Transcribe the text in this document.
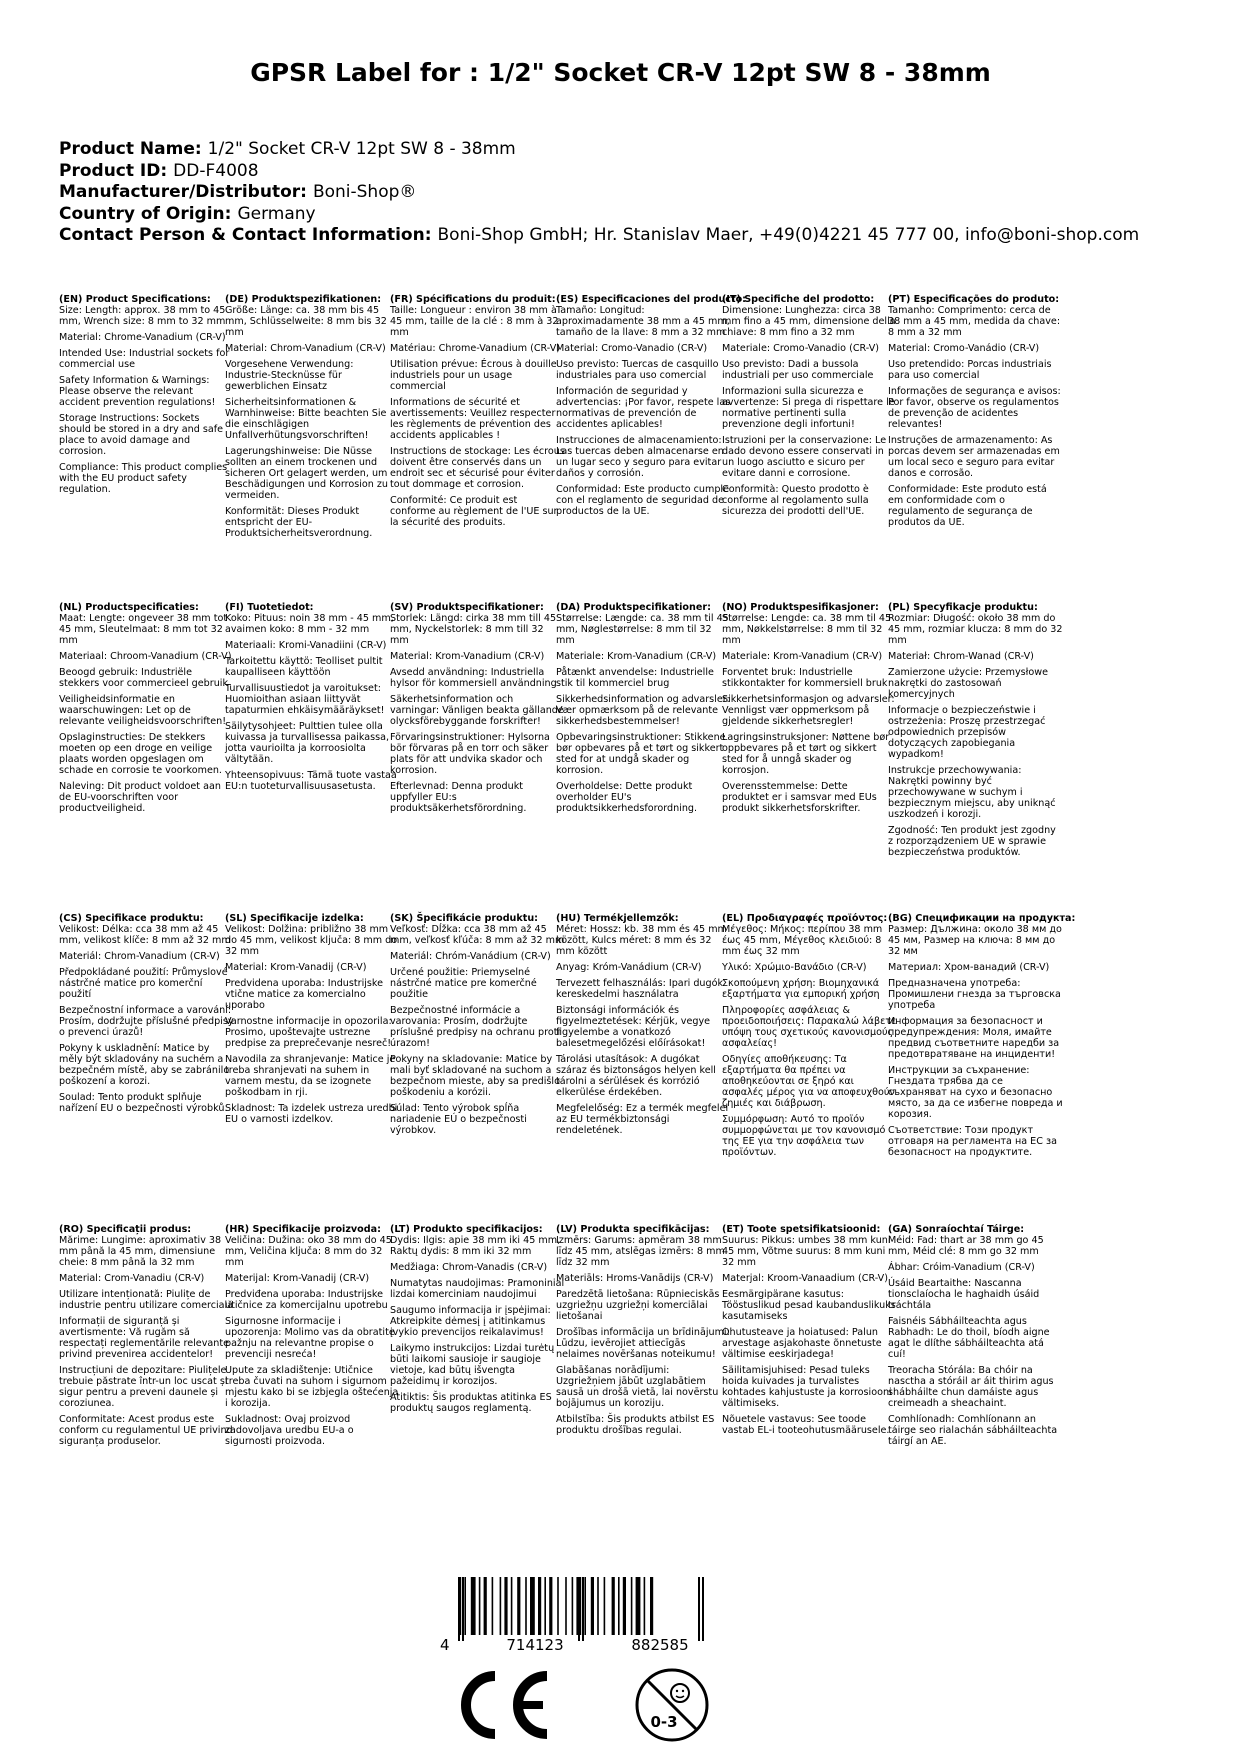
GPSR Label for : 1/2" Socket CR-V 12pt SW 8 - 38mm
Product Name: 1/2" Socket CR-V 12pt SW 8 - 38mm
Product ID: DD-F4008
Manufacturer/Distributor: Boni-Shop®
Country of Origin: Germany
Contact Person & Contact Information: Boni-Shop GmbH; Hr. Stanislav Maer, +49(0)4221 45 777 00, info@boni-shop.com
(EN) Product Specifications:

Size: Length: approx. 38 mm to 45 mm, Wrench size: 8 mm to 32 mm

Material: Chrome-Vanadium (CR-V)

Intended Use: Industrial sockets for commercial use

Safety Information & Warnings: Please observe the relevant accident prevention regulations!

Storage Instructions: Sockets should be stored in a dry and safe place to avoid damage and corrosion.

Compliance: This product complies with the EU product safety regulation.

(DE) Produktspezifikationen:

Größe: Länge: ca. 38 mm bis 45 mm, Schlüsselweite: 8 mm bis 32 mm

Material: Chrom-Vanadium (CR-V)

Vorgesehene Verwendung: Industrie-Stecknüsse für gewerblichen Einsatz

Sicherheitsinformationen & Warnhinweise: Bitte beachten Sie die einschlägigen Unfallverhütungsvorschriften!

Lagerungshinweise: Die Nüsse sollten an einem trockenen und sicheren Ort gelagert werden, um Beschädigungen und Korrosion zu vermeiden.

Konformität: Dieses Produkt entspricht der EU-Produktsicherheitsverordnung.

(FR) Spécifications du produit:

Taille: Longueur : environ 38 mm à 45 mm, taille de la clé : 8 mm à 32 mm

Matériau: Chrome-Vanadium (CR-V)

Utilisation prévue: Écrous à douille industriels pour un usage commercial

Informations de sécurité et avertissements: Veuillez respecter les règlements de prévention des accidents applicables !

Instructions de stockage: Les écrous doivent être conservés dans un endroit sec et sécurisé pour éviter tout dommage et corrosion.

Conformité: Ce produit est conforme au règlement de l'UE sur la sécurité des produits.

(ES) Especificaciones del producto:

Tamaño: Longitud: aproximadamente 38 mm a 45 mm, tamaño de la llave: 8 mm a 32 mm

Material: Cromo-Vanadio (CR-V)

Uso previsto: Tuercas de casquillo industriales para uso comercial

Información de seguridad y advertencias: ¡Por favor, respete las normativas de prevención de accidentes aplicables!

Instrucciones de almacenamiento: Las tuercas deben almacenarse en un lugar seco y seguro para evitar daños y corrosión.

Conformidad: Este producto cumple con el reglamento de seguridad de productos de la UE.

(IT) Specifiche del prodotto:

Dimensione: Lunghezza: circa 38 mm fino a 45 mm, dimensione della chiave: 8 mm fino a 32 mm

Materiale: Cromo-Vanadio (CR-V)

Uso previsto: Dadi a bussola industriali per uso commerciale

Informazioni sulla sicurezza e avvertenze: Si prega di rispettare le normative pertinenti sulla prevenzione degli infortuni!

Istruzioni per la conservazione: Le dado devono essere conservati in un luogo asciutto e sicuro per evitare danni e corrosione.

Conformità: Questo prodotto è conforme al regolamento sulla sicurezza dei prodotti dell'UE.

(PT) Especificações do produto:

Tamanho: Comprimento: cerca de 38 mm a 45 mm, medida da chave: 8 mm a 32 mm

Material: Cromo-Vanádio (CR-V)

Uso pretendido: Porcas industriais para uso comercial

Informações de segurança e avisos: Por favor, observe os regulamentos de prevenção de acidentes relevantes!

Instruções de armazenamento: As porcas devem ser armazenadas em um local seco e seguro para evitar danos e corrosão.

Conformidade: Este produto está em conformidade com o regulamento de segurança de produtos da UE.

(NL) Productspecificaties:

Maat: Lengte: ongeveer 38 mm tot 45 mm, Sleutelmaat: 8 mm tot 32 mm

Materiaal: Chroom-Vanadium (CR-V)

Beoogd gebruik: Industriële stekkers voor commercieel gebruik

Veiligheidsinformatie en waarschuwingen: Let op de relevante veiligheidsvoorschriften!

Opslaginstructies: De stekkers moeten op een droge en veilige plaats worden opgeslagen om schade en corrosie te voorkomen.

Naleving: Dit product voldoet aan de EU-voorschriften voor productveiligheid.

(FI) Tuotetiedot:

Koko: Pituus: noin 38 mm - 45 mm, avaimen koko: 8 mm - 32 mm

Materiaali: Kromi-Vanadiini (CR-V)

Tarkoitettu käyttö: Teolliset pultit kaupalliseen käyttöön

Turvallisuustiedot ja varoitukset: Huomioithan asiaan liittyvät tapaturmien ehkäisymääräykset!

Säilytysohjeet: Pulttien tulee olla kuivassa ja turvallisessa paikassa, jotta vaurioilta ja korroosiolta vältytään.

Yhteensopivuus: Tämä tuote vastaa EU:n tuoteturvallisuusasetusta.

(SV) Produktspecifikationer:

Storlek: Längd: cirka 38 mm till 45 mm, Nyckelstorlek: 8 mm till 32 mm

Material: Krom-Vanadium (CR-V)

Avsedd användning: Industriella hylsor för kommersiell användning

Säkerhetsinformation och varningar: Vänligen beakta gällande olycksförebyggande forskrifter!

Förvaringsinstruktioner: Hylsorna bör förvaras på en torr och säker plats för att undvika skador och korrosion.

Efterlevnad: Denna produkt uppfyller EU:s produktsäkerhetsförordning.

(DA) Produktspecifikationer:

Størrelse: Længde: ca. 38 mm til 45 mm, Nøglestørrelse: 8 mm til 32 mm

Materiale: Krom-Vanadium (CR-V)

Påtænkt anvendelse: Industrielle stik til kommerciel brug

Sikkerhedsinformation og advarsler: Vær opmærksom på de relevante sikkerhedsbestemmelser!

Opbevaringsinstruktioner: Stikkene bør opbevares på et tørt og sikkert sted for at undgå skader og korrosion.

Overholdelse: Dette produkt overholder EU's produktsikkerhedsforordning.

(NO) Produktspesifikasjoner:

Størrelse: Lengde: ca. 38 mm til 45 mm, Nøkkelstørrelse: 8 mm til 32 mm

Materiale: Krom-Vanadium (CR-V)

Forventet bruk: Industrielle stikkontakter for kommersiell bruk

Sikkerhetsinformasjon og advarsler: Vennligst vær oppmerksom på gjeldende sikkerhetsregler!

Lagringsinstruksjoner: Nøttene bør oppbevares på et tørt og sikkert sted for å unngå skader og korrosjon.

Overensstemmelse: Dette produktet er i samsvar med EUs produkt sikkerhetsforskrifter.

(PL) Specyfikacje produktu:

Rozmiar: Długość: około 38 mm do 45 mm, rozmiar klucza: 8 mm do 32 mm

Materiał: Chrom-Wanad (CR-V)

Zamierzone użycie: Przemysłowe nakrętki do zastosowań komercyjnych

Informacje o bezpieczeństwie i ostrzeżenia: Proszę przestrzegać odpowiednich przepisów dotyczących zapobiegania wypadkom!

Instrukcje przechowywania: Nakrętki powinny być przechowywane w suchym i bezpiecznym miejscu, aby uniknąć uszkodzeń i korozji.

Zgodność: Ten produkt jest zgodny z rozporządzeniem UE w sprawie bezpieczeństwa produktów.

(CS) Specifikace produktu:

Velikost: Délka: cca 38 mm až 45 mm, velikost klíče: 8 mm až 32 mm

Materiál: Chrom-Vanadium (CR-V)

Předpokládané použití: Průmyslové nástrčné matice pro komerční použití

Bezpečnostní informace a varování: Prosím, dodržujte příslušné předpisy o prevenci úrazů!

Pokyny k uskladnění: Matice by měly být skladovány na suchém a bezpečném místě, aby se zabránilo poškození a korozi.

Soulad: Tento produkt splňuje nařízení EU o bezpečnosti výrobků.

(SL) Specifikacije izdelka:

Velikost: Dolžina: približno 38 mm do 45 mm, velikost ključa: 8 mm do 32 mm

Material: Krom-Vanadij (CR-V)

Predvidena uporaba: Industrijske vtične matice za komercialno uporabo

Varnostne informacije in opozorila: Prosimo, upoštevajte ustrezne predpise za preprečevanje nesreč!

Navodila za shranjevanje: Matice je treba shranjevati na suhem in varnem mestu, da se izognete poškodbam in rji.

Skladnost: Ta izdelek ustreza uredbi EU o varnosti izdelkov.

(SK) Špecifikácie produktu:

Veľkosť: Dĺžka: cca 38 mm až 45 mm, veľkosť kľúča: 8 mm až 32 mm

Materiál: Chróm-Vanádium (CR-V)

Určené použitie: Priemyselné nástrčné matice pre komerčné použitie

Bezpečnostné informácie a varovania: Prosím, dodržujte príslušné predpisy na ochranu proti úrazom!

Pokyny na skladovanie: Matice by mali byť skladované na suchom a bezpečnom mieste, aby sa predišlo poškodeniu a korózii.

Súlad: Tento výrobok spĺňa nariadenie EÚ o bezpečnosti výrobkov.

(HU) Termékjellemzők:

Méret: Hossz: kb. 38 mm és 45 mm között, Kulcs méret: 8 mm és 32 mm között

Anyag: Króm-Vanádium (CR-V)

Tervezett felhasználás: Ipari dugók kereskedelmi használatra

Biztonsági információk és figyelmeztetések: Kérjük, vegye figyelembe a vonatkozó balesetmegelőzési előírásokat!

Tárolási utasítások: A dugókat száraz és biztonságos helyen kell tárolni a sérülések és korrózió elkerülése érdekében.

Megfelelőség: Ez a termék megfelel az EU termékbiztonsági rendeletének.

(EL) Προδιαγραφές προϊόντος:

Μέγεθος: Μήκος: περίπου 38 mm έως 45 mm, Μέγεθος κλειδιού: 8 mm έως 32 mm

Υλικό: Χρώμιο-Βανάδιο (CR-V)

Σκοπούμενη χρήση: Βιομηχανικά εξαρτήματα για εμπορική χρήση

Πληροφορίες ασφάλειας & προειδοποιήσεις: Παρακαλώ λάβετε υπόψη τους σχετικούς κανονισμούς ασφαλείας!

Οδηγίες αποθήκευσης: Τα εξαρτήματα θα πρέπει να αποθηκεύονται σε ξηρό και ασφαλές μέρος για να αποφευχθούν ζημιές και διάβρωση.

Συμμόρφωση: Αυτό το προϊόν συμμορφώνεται με τον κανονισμό της ΕΕ για την ασφάλεια των προϊόντων.

(BG) Спецификации на продукта:

Размер: Дължина: около 38 мм до 45 мм, Размер на ключа: 8 мм до 32 мм

Материал: Хром-ванадий (CR-V)

Предназначена употреба: Промишлени гнезда за търговска употреба

Информация за безопасност и предупреждения: Моля, имайте предвид съответните наредби за предотвратяване на инциденти!

Инструкции за съхранение: Гнездата трябва да се съхраняват на сухо и безопасно място, за да се избегне повреда и корозия.

Съответствие: Този продукт отговаря на регламента на ЕС за безопасност на продуктите.

(RO) Specificații produs:

Mărime: Lungime: aproximativ 38 mm până la 45 mm, dimensiune cheie: 8 mm până la 32 mm

Material: Crom-Vanadiu (CR-V)

Utilizare intenționată: Piulițe de industrie pentru utilizare comercială

Informații de siguranță și avertismente: Vă rugăm să respectați reglementările relevante privind prevenirea accidentelor!

Instrucțiuni de depozitare: Piulițele trebuie păstrate într-un loc uscat și sigur pentru a preveni daunele și coroziunea.

Conformitate: Acest produs este conform cu regulamentul UE privind siguranța produselor.

(HR) Specifikacije proizvoda:

Veličina: Dužina: oko 38 mm do 45 mm, Veličina ključa: 8 mm do 32 mm

Materijal: Krom-Vanadij (CR-V)

Predviđena uporaba: Industrijske utičnice za komercijalnu upotrebu

Sigurnosne informacije i upozorenja: Molimo vas da obratite pažnju na relevantne propise o prevenciji nesreća!

Upute za skladištenje: Utičnice treba čuvati na suhom i sigurnom mjestu kako bi se izbjegla oštećenja i korozija.

Sukladnost: Ovaj proizvod zadovoljava uredbu EU-a o sigurnosti proizvoda.

(LT) Produkto specifikacijos:

Dydis: Ilgis: apie 38 mm iki 45 mm, Raktų dydis: 8 mm iki 32 mm

Medžiaga: Chrom-Vanadis (CR-V)

Numatytas naudojimas: Pramoniniai lizdai komerciniam naudojimui

Saugumo informacija ir įspėjimai: Atkreipkite dėmesį į atitinkamus įvykio prevencijos reikalavimus!

Laikymo instrukcijos: Lizdai turėtų būti laikomi sausioje ir saugioje vietoje, kad būtų išvengta pažeidimų ir korozijos.

Atitiktis: Šis produktas atitinka ES produktų saugos reglamentą.

(LV) Produkta specifikācijas:

Izmērs: Garums: apmēram 38 mm līdz 45 mm, atslēgas izmērs: 8 mm līdz 32 mm

Materiāls: Hroms-Vanādijs (CR-V)

Paredzētā lietošana: Rūpnieciskās uzgriežņu uzgriežņi komerciālai lietošanai

Drošības informācija un brīdinājumi: Lūdzu, ievērojiet attiecīgās nelaimes novēršanas noteikumu!

Glabāšanas norādījumi: Uzgriežņiem jābūt uzglabātiem sausā un drošā vietā, lai novērstu bojājumus un koroziju.

Atbilstība: Šis produkts atbilst ES produktu drošības regulai.

(ET) Toote spetsifikatsioonid:

Suurus: Pikkus: umbes 38 mm kuni 45 mm, Võtme suurus: 8 mm kuni 32 mm

Materjal: Kroom-Vanaadium (CR-V)

Eesmärgipärane kasutus: Tööstuslikud pesad kaubanduslikuks kasutamiseks

Ohutusteave ja hoiatused: Palun arvestage asjakohaste õnnetuste vältimise eeskirjadega!

Säilitamisjuhised: Pesad tuleks hoida kuivades ja turvalistes kohtades kahjustuste ja korrosiooni vältimiseks.

Nõuetele vastavus: See toode vastab EL-i tooteohutusmäärusele.

(GA) Sonraíochtaí Táirge:

Méid: Fad: thart ar 38 mm go 45 mm, Méid clé: 8 mm go 32 mm

Ábhar: Cróim-Vanadium (CR-V)

Úsáid Beartaithe: Nascanna tionsclaíocha le haghaidh úsáid tráchtála

Faisnéis Sábháilteachta agus Rabhadh: Le do thoil, bíodh aigne agat le dlíthe sábháilteachta atá cuí!

Treoracha Stórála: Ba chóir na nasctha a stóráil ar áit thirim agus shábháilte chun damáiste agus creimeadh a sheachaint.

Comhlíonadh: Comhlíonann an táirge seo rialachán sábháilteachta táirgí an AE.

4	714123	882585
0-3
